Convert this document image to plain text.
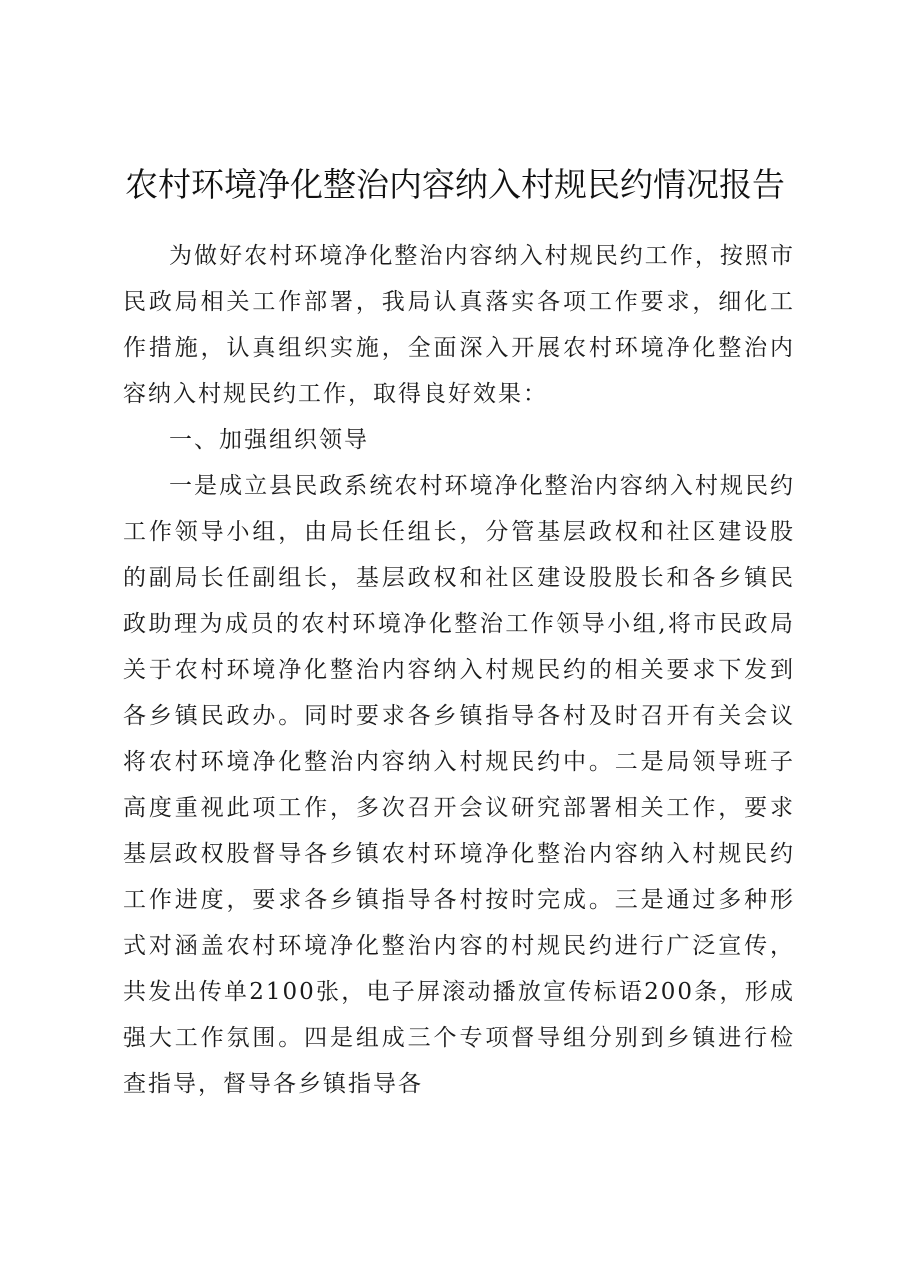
农村环境净化整治内容纳入村规民约情况报告

为做好农村环境净化整治内容纳入村规民约工作，按照市民政局相关工作部署，我局认真落实各项工作要求，细化工作措施，认真组织实施，全面深入开展农村环境净化整治内容纳入村规民约工作，取得良好效果：

一、加强组织领导

一是成立县民政系统农村环境净化整治内容纳入村规民约工作领导小组，由局长任组长，分管基层政权和社区建设股的副局长任副组长，基层政权和社区建设股股长和各乡镇民政助理为成员的农村环境净化整治工作领导小组,将市民政局关于农村环境净化整治内容纳入村规民约的相关要求下发到各乡镇民政办。同时要求各乡镇指导各村及时召开有关会议将农村环境净化整治内容纳入村规民约中。二是局领导班子高度重视此项工作，多次召开会议研究部署相关工作，要求基层政权股督导各乡镇农村环境净化整治内容纳入村规民约工作进度，要求各乡镇指导各村按时完成。三是通过多种形式对涵盖农村环境净化整治内容的村规民约进行广泛宣传，共发出传单2100张，电子屏滚动播放宣传标语200条，形成强大工作氛围。四是组成三个专项督导组分别到乡镇进行检查指导，督导各乡镇指导各
